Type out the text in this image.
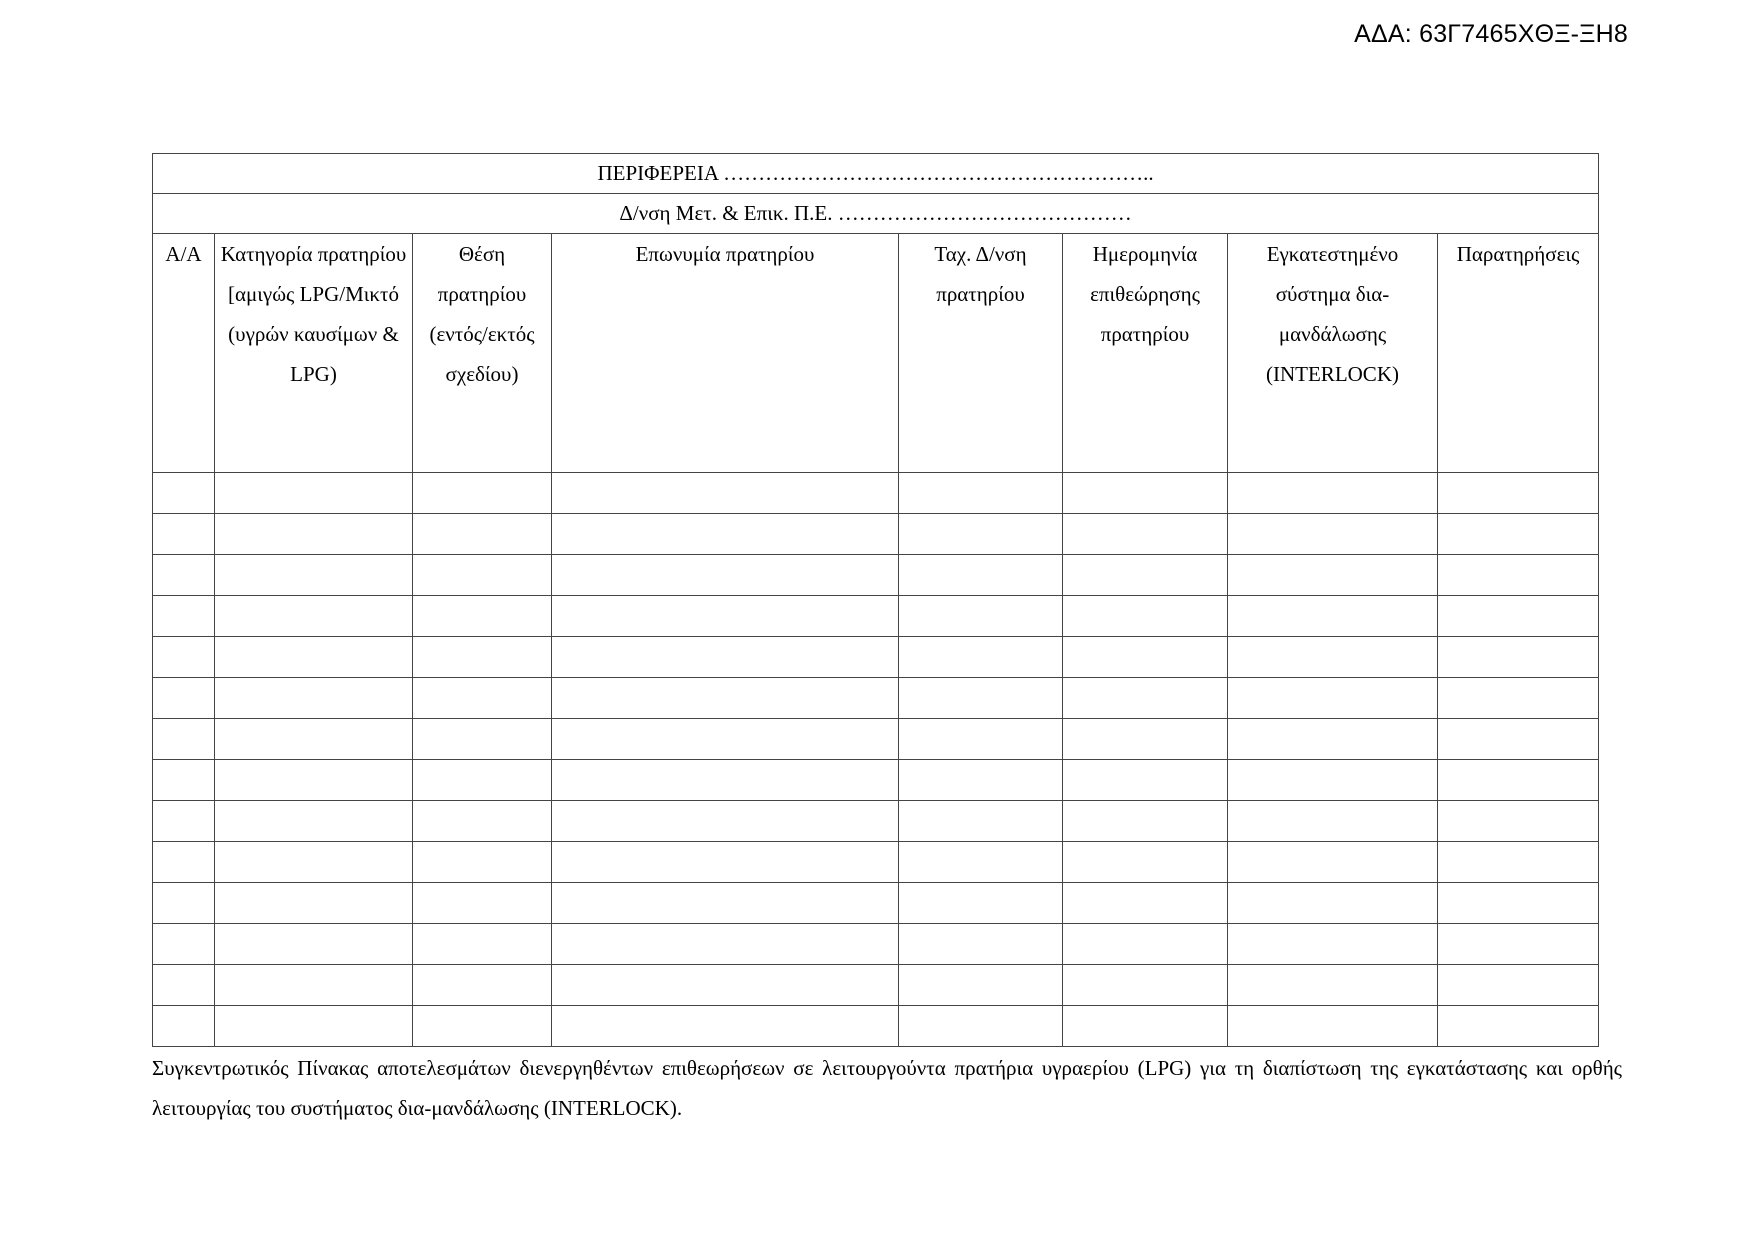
ΑΔΑ: 63Γ7465ΧΘΞ-ΞΗ8
ΠΕΡΙΦΕΡΕΙΑ ……………………………………………………..							
Δ/νση Μετ. & Επικ. Π.Ε. ……………………………………							
Α/Α	Κατηγορία πρατηρίου [αμιγώς LPG/Μικτό (υγρών καυσίμων & LPG)	Θέση πρατηρίου (εντός/εκτός σχεδίου)	Επωνυμία πρατηρίου	Ταχ. Δ/νση πρατηρίου	Ημερομηνία επιθεώρησης πρατηρίου	Εγκατεστημένο σύστημα δια-μανδάλωσης (INTERLOCK)	Παρατηρήσεις

Συγκεντρωτικός Πίνακας αποτελεσμάτων διενεργηθέντων επιθεωρήσεων σε λειτουργούντα πρατήρια υγραερίου (LPG) για τη διαπίστωση της εγκατάστασης και ορθής λειτουργίας του συστήματος δια-μανδάλωσης (INTERLOCK).
